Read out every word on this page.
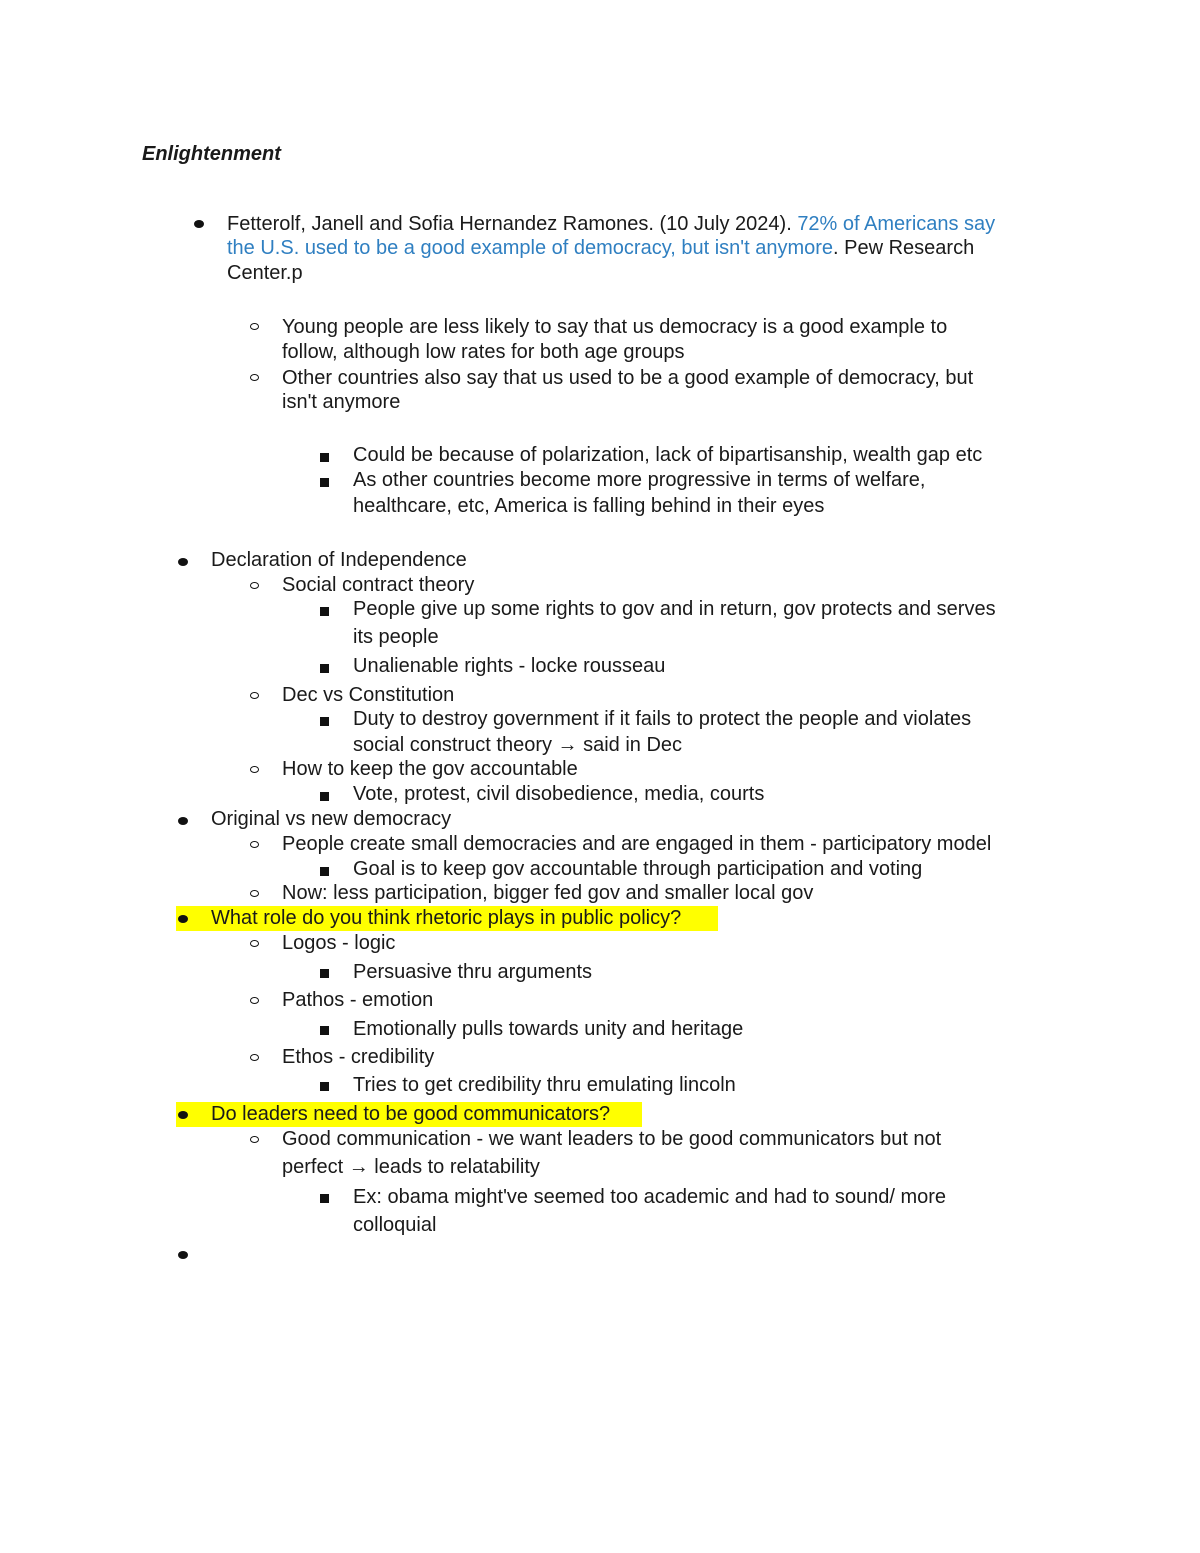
Enlightenment
Fetterolf, Janell and Sofia Hernandez Ramones. (10 July 2024). 72% of Americans say
the U.S. used to be a good example of democracy, but isn't anymore. Pew Research
Center.p
Young people are less likely to say that us democracy is a good example to
follow, although low rates for both age groups
Other countries also say that us used to be a good example of democracy, but
isn't anymore
Could be because of polarization, lack of bipartisanship, wealth gap etc
As other countries become more progressive in terms of welfare,
healthcare, etc, America is falling behind in their eyes
Declaration of Independence
Social contract theory
People give up some rights to gov and in return, gov protects and serves
its people
Unalienable rights - locke rousseau
Dec vs Constitution
Duty to destroy government if it fails to protect the people and violates
social construct theory → said in Dec
How to keep the gov accountable
Vote, protest, civil disobedience, media, courts
Original vs new democracy
People create small democracies and are engaged in them - participatory model
Goal is to keep gov accountable through participation and voting
Now: less participation, bigger fed gov and smaller local gov
What role do you think rhetoric plays in public policy?
Logos - logic
Persuasive thru arguments
Pathos - emotion
Emotionally pulls towards unity and heritage
Ethos - credibility
Tries to get credibility thru emulating lincoln
Do leaders need to be good communicators?
Good communication - we want leaders to be good communicators but not
perfect → leads to relatability
Ex: obama might've seemed too academic and had to sound/ more
colloquial
